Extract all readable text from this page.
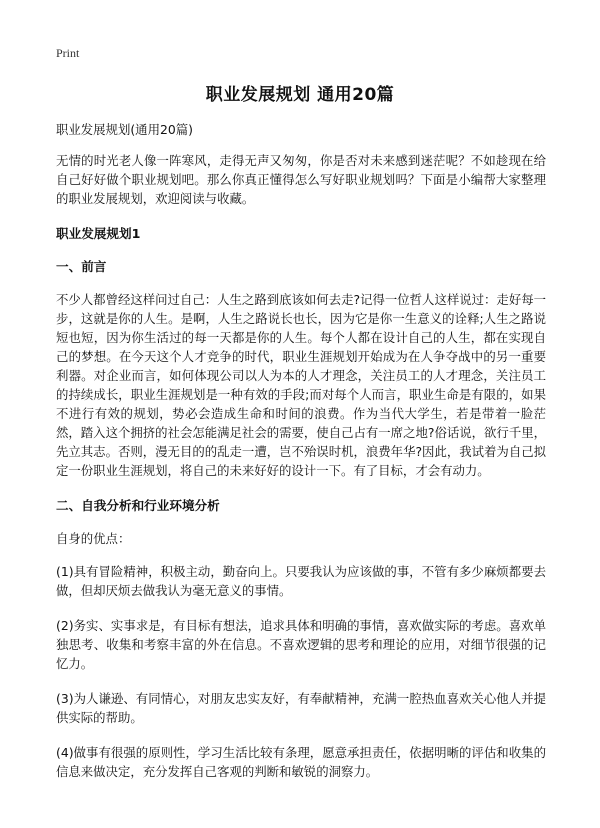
Print
职业发展规划 通用20篇

职业发展规划(通用20篇)

无情的时光老人像一阵寒风，走得无声又匆匆，你是否对未来感到迷茫呢？不如趁现在给自己好好做个职业规划吧。那么你真正懂得怎么写好职业规划吗？下面是小编帮大家整理的职业发展规划，欢迎阅读与收藏。

职业发展规划1
一、前言

不少人都曾经这样问过自己：人生之路到底该如何去走?记得一位哲人这样说过：走好每一步，这就是你的人生。是啊，人生之路说长也长，因为它是你一生意义的诠释;人生之路说短也短，因为你生活过的每一天都是你的人生。每个人都在设计自己的人生，都在实现自己的梦想。在今天这个人才竞争的时代，职业生涯规划开始成为在人争夺战中的另一重要利器。对企业而言，如何体现公司以人为本的人才理念，关注员工的人才理念，关注员工的持续成长，职业生涯规划是一种有效的手段;而对每个人而言，职业生命是有限的，如果不进行有效的规划，势必会造成生命和时间的浪费。作为当代大学生，若是带着一脸茫然，踏入这个拥挤的社会怎能满足社会的需要，使自己占有一席之地?俗话说，欲行千里，先立其志。否则，漫无目的的乱走一遭，岂不殆误时机，浪费年华?因此，我试着为自己拟定一份职业生涯规划，将自己的未来好好的设计一下。有了目标，才会有动力。

二、自我分析和行业环境分析

自身的优点：

(1)具有冒险精神，积极主动，勤奋向上。只要我认为应该做的事，不管有多少麻烦都要去做，但却厌烦去做我认为毫无意义的事情。

(2)务实、实事求是，有目标有想法，追求具体和明确的事情，喜欢做实际的考虑。喜欢单独思考、收集和考察丰富的外在信息。不喜欢逻辑的思考和理论的应用，对细节很强的记忆力。

(3)为人谦逊、有同情心，对朋友忠实友好，有奉献精神，充满一腔热血喜欢关心他人并提供实际的帮助。

(4)做事有很强的原则性，学习生活比较有条理，愿意承担责任，依据明晰的评估和收集的信息来做决定，充分发挥自己客观的判断和敏锐的洞察力。
